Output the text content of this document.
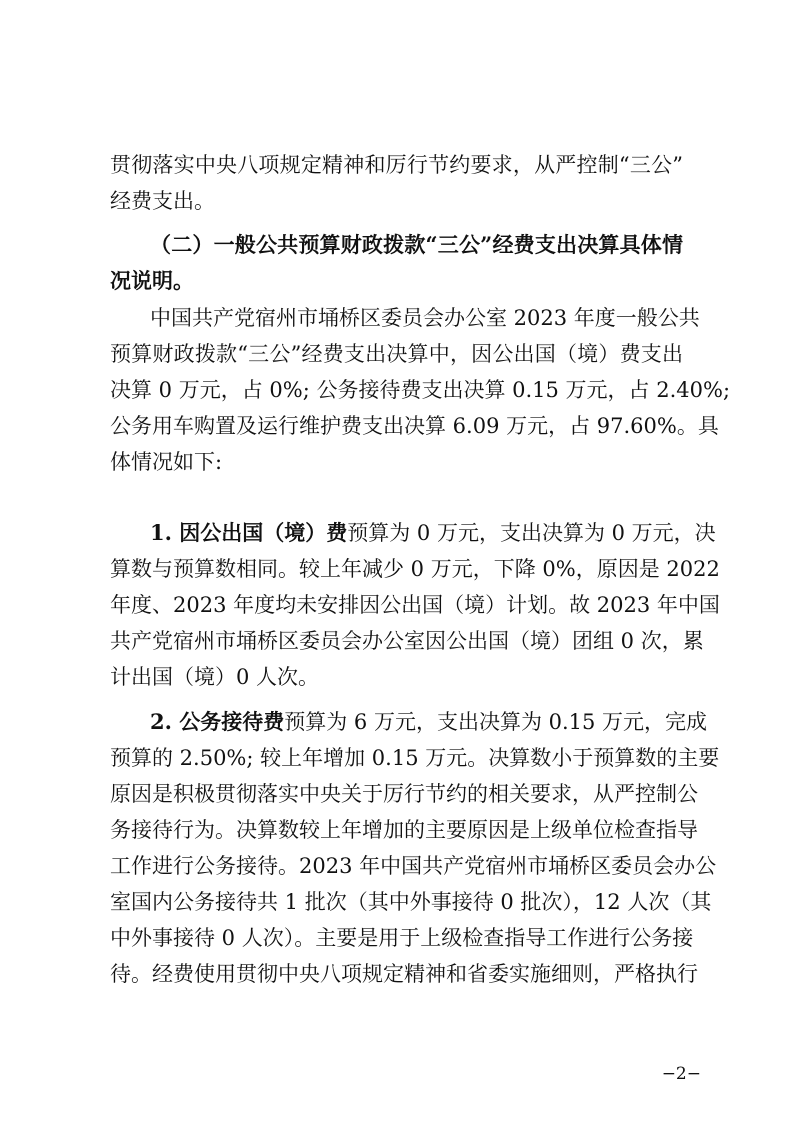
贯彻落实中央八项规定精神和厉行节约要求，从严控制“三公”

经费支出。

（二）一般公共预算财政拨款“三公”经费支出决算具体情

况说明。

中国共产党宿州市埇桥区委员会办公室 2023 年度一般公共

预算财政拨款“三公”经费支出决算中，因公出国（境）费支出

决算 0 万元，占 0%; 公务接待费支出决算 0.15 万元，占 2.40%;

公务用车购置及运行维护费支出决算 6.09 万元，占 97.60%。具

体情况如下:

1. 因公出国（境）费预算为 0 万元，支出决算为 0 万元，决

算数与预算数相同。较上年减少 0 万元，下降 0%，原因是 2022

年度、2023 年度均未安排因公出国（境）计划。故 2023 年中国

共产党宿州市埇桥区委员会办公室因公出国（境）团组 0 次，累

计出国（境）0 人次。

2. 公务接待费预算为 6 万元，支出决算为 0.15 万元，完成

预算的 2.50%; 较上年增加 0.15 万元。决算数小于预算数的主要

原因是积极贯彻落实中央关于厉行节约的相关要求，从严控制公

务接待行为。决算数较上年增加的主要原因是上级单位检查指导

工作进行公务接待。2023 年中国共产党宿州市埇桥区委员会办公

室国内公务接待共 1 批次（其中外事接待 0 批次），12 人次（其

中外事接待 0 人次）。主要是用于上级检查指导工作进行公务接

待。经费使用贯彻中央八项规定精神和省委实施细则，严格执行

−2−
